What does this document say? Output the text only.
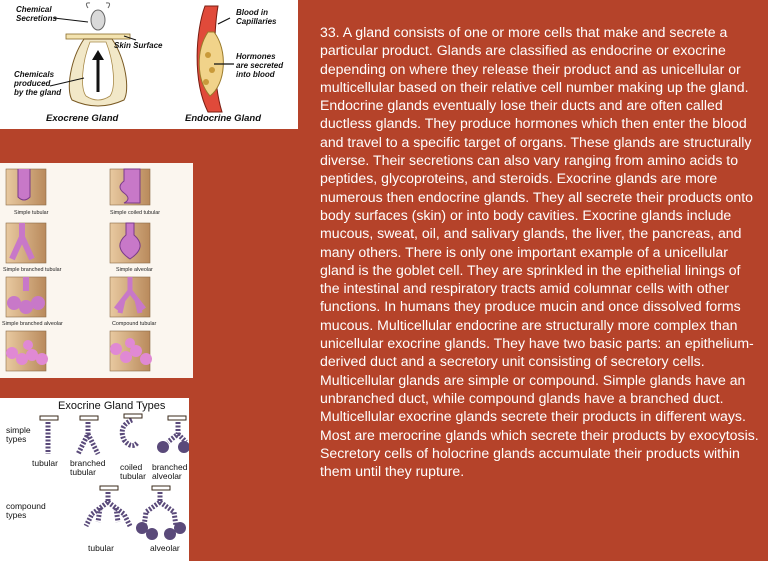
Chemical
Secretions
Skin Surface
Chemicals
produced
by the gland
Blood in
Capillaries
Hormones
are secreted
into blood
Exocrene Gland	Endocrine Gland
Simple tubular	Simple coiled tubular
Simple branched tubular	Simple alveolar
Simple branched alveolar	Compound tubular
Exocrine Gland Types
simple
types
tubular branched
tubular	coiled
tubular
branched
alveolar
compound
types
tubular	alveolar

33. A gland consists of one or more cells that make and secrete a particular product. Glands are classified as endocrine or exocrine depending on where they release their product and as unicellular or multicellular based on their relative cell number making up the gland. Endocrine glands eventually lose their ducts and are often called ductless glands. They produce hormones which then enter the blood and travel to a specific target of organs. These glands are structurally diverse. Their secretions can also vary ranging from amino acids to peptides, glycoproteins, and steroids. Exocrine glands are more numerous then endocrine glands. They all secrete their products onto body surfaces (skin) or into body cavities. Exocrine glands include mucous, sweat, oil, and salivary glands, the liver, the pancreas, and many others. There is only one important example of a unicellular gland is the goblet cell. They are sprinkled in the epithelial linings of the intestinal and respiratory tracts amid columnar cells with other functions. In humans they produce mucin and once dissolved forms mucous. Multicellular endocrine are structurally more complex than unicellular exocrine glands. They have two basic parts: an epithelium-derived duct and a secretory unit consisting of secretory cells. Multicellular glands are simple or compound. Simple glands have an unbranched duct, while compound glands have a branched duct. Multicellular exocrine glands secrete their products in different ways. Most are merocrine glands which secrete their products by exocytosis. Secretory cells of holocrine glands accumulate their products within them until they rupture.
